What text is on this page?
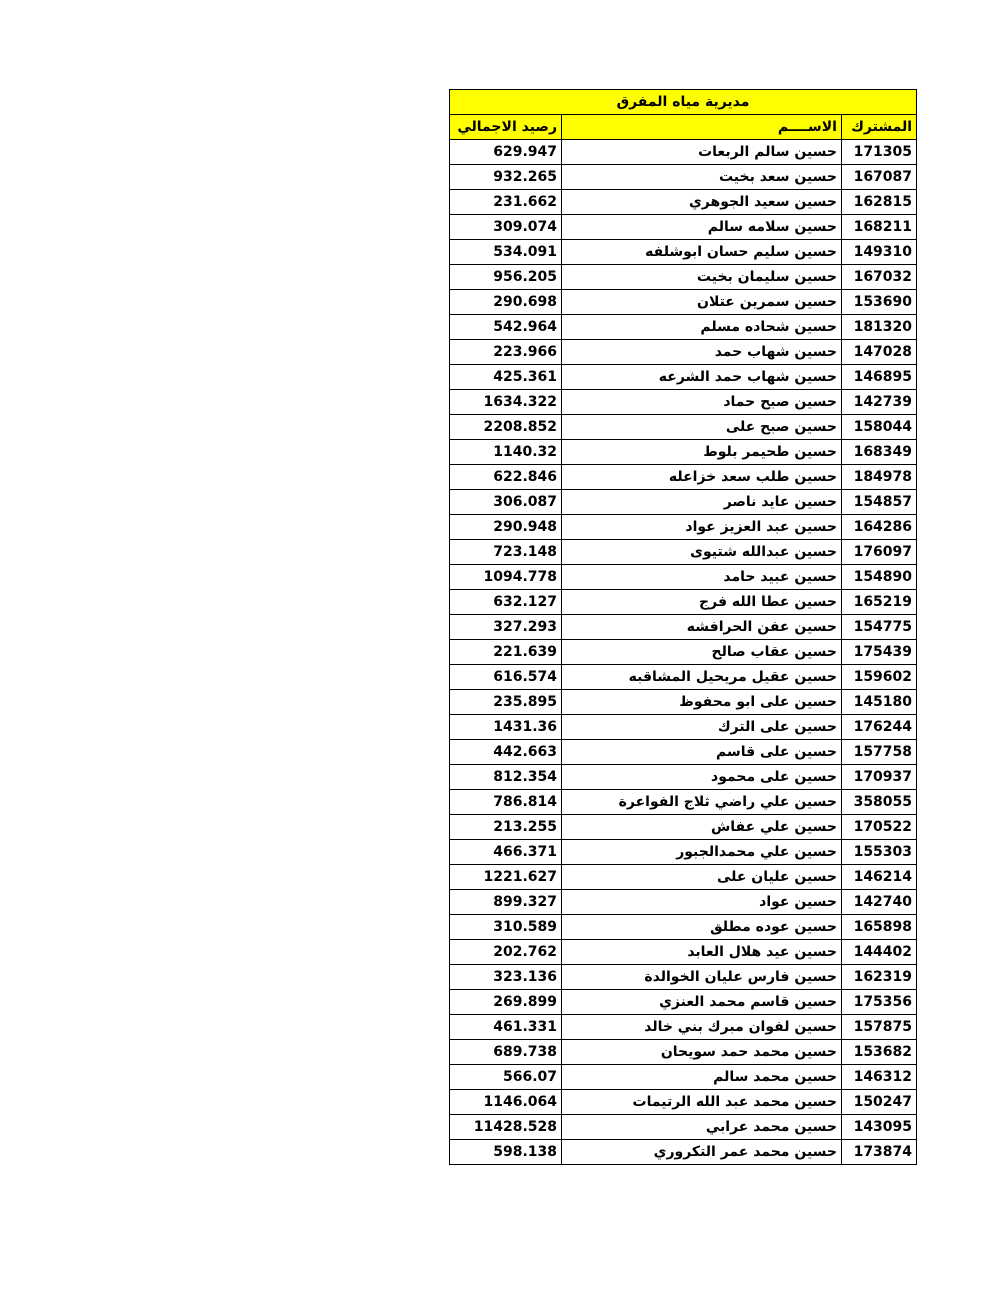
مديرية مياه المفرق		
رصيد الاجمالي	الاســــم	المشترك
629.947	حسين سالم الربعات	171305
932.265	حسين سعد بخيت	167087
231.662	حسين سعيد الجوهري	162815
309.074	حسين سلامه سالم	168211
534.091	حسين سليم حسان ابوشلفه	149310
956.205	حسين سليمان بخيت	167032
290.698	حسين سمرين عتلان	153690
542.964	حسين شحاده مسلم	181320
223.966	حسين شهاب حمد	147028
425.361	حسين شهاب حمد الشرعه	146895
1634.322	حسين صبح حماد	142739
2208.852	حسين صبح على	158044
1140.32	حسين طحيمر بلوط	168349
622.846	حسين طلب سعد خزاعله	184978
306.087	حسين عايد ناصر	154857
290.948	حسين عبد العزيز عواد	164286
723.148	حسين عبدالله شتيوى	176097
1094.778	حسين عبيد حامد	154890
632.127	حسين عطا الله فرج	165219
327.293	حسين عفن الحرافشه	154775
221.639	حسين عقاب صالح	175439
616.574	حسين عقيل مريحيل المشاقبه	159602
235.895	حسين على ابو محفوظ	145180
1431.36	حسين على الترك	176244
442.663	حسين على قاسم	157758
812.354	حسين على محمود	170937
786.814	حسين علي راضي ثلاج الفواعرة	358055
213.255	حسين علي عفاش	170522
466.371	حسين علي محمدالجبور	155303
1221.627	حسين عليان على	146214
899.327	حسين عواد	142740
310.589	حسين عوده مطلق	165898
202.762	حسين عيد هلال العابد	144402
323.136	حسين فارس عليان الخوالدة	162319
269.899	حسين قاسم محمد العنزي	175356
461.331	حسين لفوان مبرك بني خالد	157875
689.738	حسين محمد حمد سويحان	153682
566.07	حسين محمد سالم	146312
1146.064	حسين محمد عبد الله الرتيمات	150247
11428.528	حسين محمد عرابي	143095
598.138	حسين محمد عمر التكروري	173874
